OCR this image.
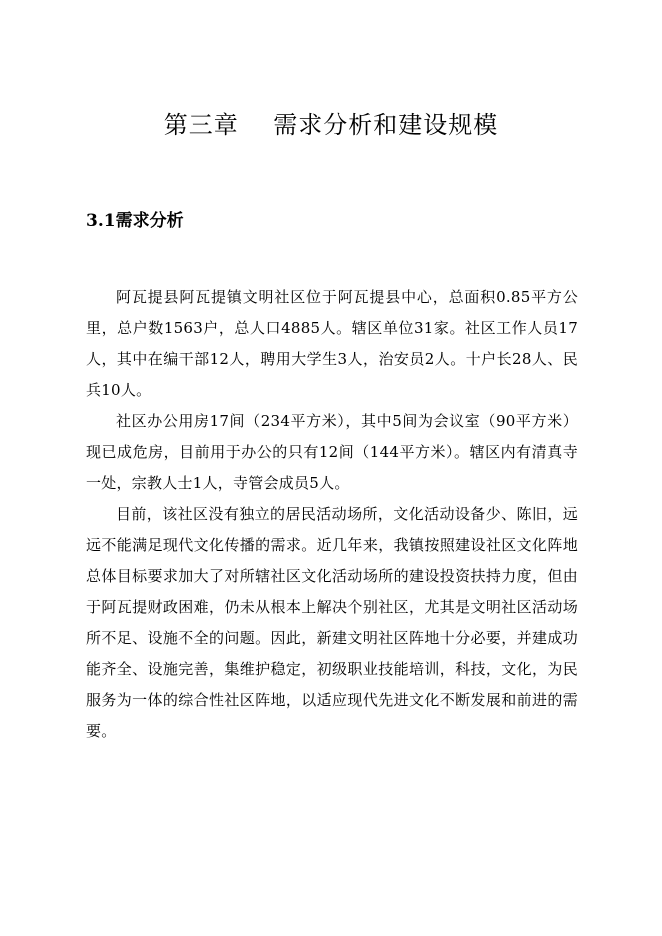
第三章    需求分析和建设规模
3.1需求分析

阿瓦提县阿瓦提镇文明社区位于阿瓦提县中心，总面积0.85平方公里，总户数1563户，总人口4885人。辖区单位31家。社区工作人员17人，其中在编干部12人，聘用大学生3人，治安员2人。十户长28人、民兵10人。

社区办公用房17间（234平方米），其中5间为会议室（90平方米）现已成危房，目前用于办公的只有12间（144平方米）。辖区内有清真寺一处，宗教人士1人，寺管会成员5人。

目前，该社区没有独立的居民活动场所，文化活动设备少、陈旧，远远不能满足现代文化传播的需求。近几年来，我镇按照建设社区文化阵地总体目标要求加大了对所辖社区文化活动场所的建设投资扶持力度，但由于阿瓦提财政困难，仍未从根本上解决个别社区，尤其是文明社区活动场所不足、设施不全的问题。因此，新建文明社区阵地十分必要，并建成功能齐全、设施完善，集维护稳定，初级职业技能培训，科技，文化，为民服务为一体的综合性社区阵地，以适应现代先进文化不断发展和前进的需要。
